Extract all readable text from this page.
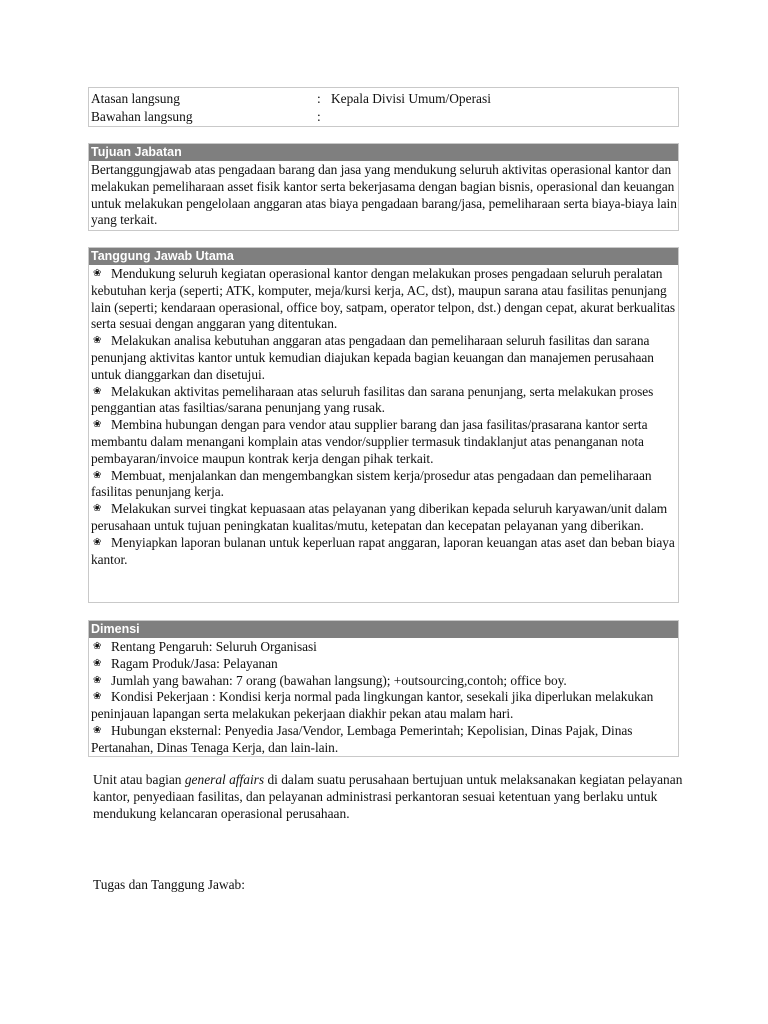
Atasan langsung	: Kepala Divisi Umum/Operasi
Bawahan langsung	:
Tujuan Jabatan
Bertanggungjawab atas pengadaan barang dan jasa yang mendukung seluruh aktivitas operasional kantor dan melakukan pemeliharaan asset fisik kantor serta bekerjasama dengan bagian bisnis, operasional dan keuangan untuk melakukan pengelolaan anggaran atas biaya pengadaan barang/jasa, pemeliharaan serta biaya-biaya lain yang terkait.
Tanggung Jawab Utama

❀ Mendukung seluruh kegiatan operasional kantor dengan melakukan proses pengadaan seluruh peralatan kebutuhan kerja (seperti; ATK, komputer, meja/kursi kerja, AC, dst), maupun sarana atau fasilitas penunjang lain (seperti; kendaraan operasional, office boy, satpam, operator telpon, dst.) dengan cepat, akurat berkualitas serta sesuai dengan anggaran yang ditentukan.

❀ Melakukan analisa kebutuhan anggaran atas pengadaan dan pemeliharaan seluruh fasilitas dan sarana penunjang aktivitas kantor untuk kemudian diajukan kepada bagian keuangan dan manajemen perusahaan untuk dianggarkan dan disetujui.

❀ Melakukan aktivitas pemeliharaan atas seluruh fasilitas dan sarana penunjang, serta melakukan proses penggantian atas fasiltias/sarana penunjang yang rusak.

❀ Membina hubungan dengan para vendor atau supplier barang dan jasa fasilitas/prasarana kantor serta membantu dalam menangani komplain atas vendor/supplier termasuk tindaklanjut atas penanganan nota pembayaran/invoice maupun kontrak kerja dengan pihak terkait.

❀ Membuat, menjalankan dan mengembangkan sistem kerja/prosedur atas pengadaan dan pemeliharaan fasilitas penunjang kerja.

❀ Melakukan survei tingkat kepuasaan atas pelayanan yang diberikan kepada seluruh karyawan/unit dalam perusahaan untuk tujuan peningkatan kualitas/mutu, ketepatan dan kecepatan pelayanan yang diberikan.

❀ Menyiapkan laporan bulanan untuk keperluan rapat anggaran, laporan keuangan atas aset dan beban biaya kantor.

Dimensi

❀ Rentang Pengaruh: Seluruh Organisasi

❀ Ragam Produk/Jasa: Pelayanan

❀ Jumlah yang bawahan: 7 orang (bawahan langsung); +outsourcing,contoh; office boy.

❀ Kondisi Pekerjaan : Kondisi kerja normal pada lingkungan kantor, sesekali jika diperlukan melakukan peninjauan lapangan serta melakukan pekerjaan diakhir pekan atau malam hari.

❀ Hubungan eksternal: Penyedia Jasa/Vendor, Lembaga Pemerintah; Kepolisian, Dinas Pajak, Dinas Pertanahan, Dinas Tenaga Kerja, dan lain-lain.

Unit atau bagian general affairs di dalam suatu perusahaan bertujuan untuk melaksanakan kegiatan pelayanan kantor, penyediaan fasilitas, dan pelayanan administrasi perkantoran sesuai ketentuan yang berlaku untuk mendukung kelancaran operasional perusahaan.
Tugas dan Tanggung Jawab:
